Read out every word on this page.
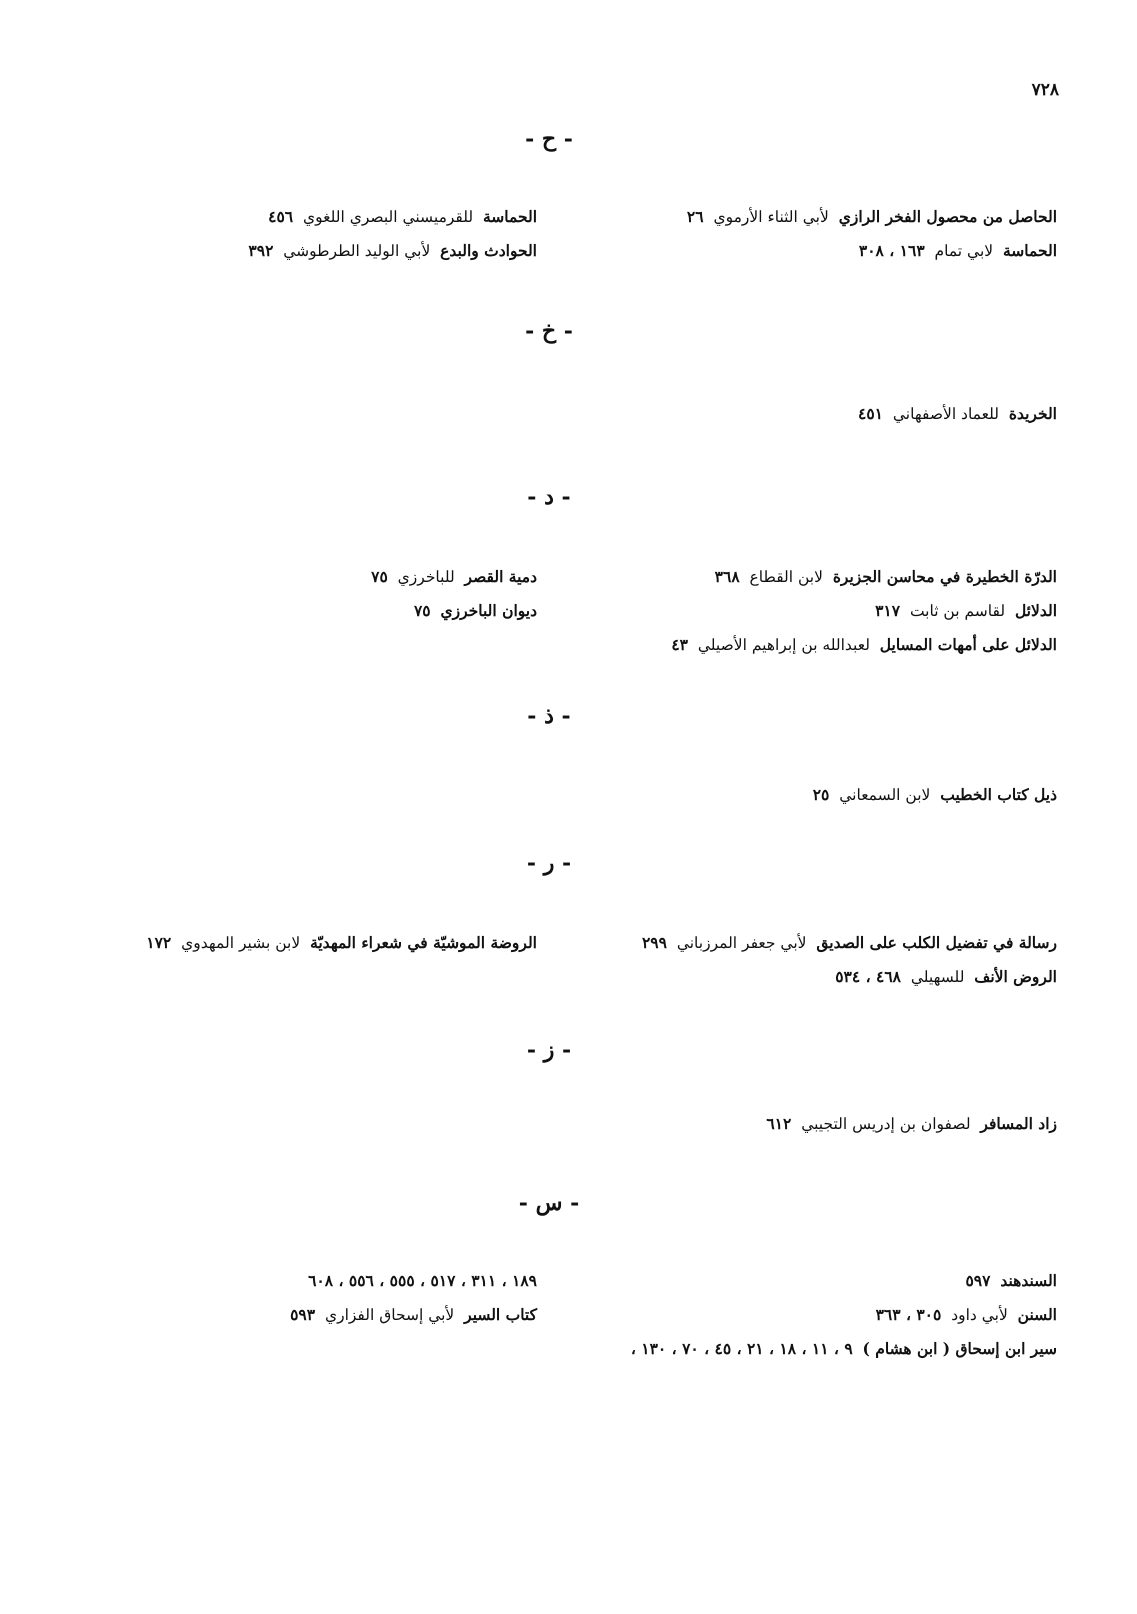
٧٢٨
- ح -
الحاصل من محصول الفخر الرازي  لأبي الثناء الأرموي  ٢٦
الحماسة  لابي تمام  ١٦٣ ، ٣٠٨
الحماسة  للقرميسني البصري اللغوي  ٤٥٦
الحوادث والبدع  لأبي الوليد الطرطوشي  ٣٩٢
- خ -
الخريدة  للعماد الأصفهاني  ٤٥١
- د -
الدرّة الخطيرة في محاسن الجزيرة  لابن القطاع  ٣٦٨
الدلائل  لقاسم بن ثابت  ٣١٧
الدلائل على أمهات المسايل  لعبدالله بن إبراهيم الأصيلي  ٤٣
دمية القصر  للباخرزي  ٧٥
ديوان الباخرزي  ٧٥
- ذ -
ذيل كتاب الخطيب  لابن السمعاني  ٢٥
- ر -
رسالة في تفضيل الكلب على الصديق  لأبي جعفر المرزباني  ٢٩٩
الروض الأنف  للسهيلي  ٤٦٨ ، ٥٣٤
الروضة الموشيّة في شعراء المهديّة  لابن بشير المهدوي  ١٧٢
- ز -
زاد المسافر  لصفوان بن إدريس التجيبي  ٦١٢
- س -
السندهند  ٥٩٧
السنن  لأبي داود  ٣٠٥ ، ٣٦٣
سير ابن إسحاق ( ابن هشام )  ٩ ، ١١ ، ١٨ ، ٢١ ، ٤٥ ، ٧٠ ، ١٣٠ ،
١٨٩ ، ٣١١ ، ٥١٧ ، ٥٥٥ ، ٥٥٦ ، ٦٠٨
كتاب السير  لأبي إسحاق الفزاري  ٥٩٣
